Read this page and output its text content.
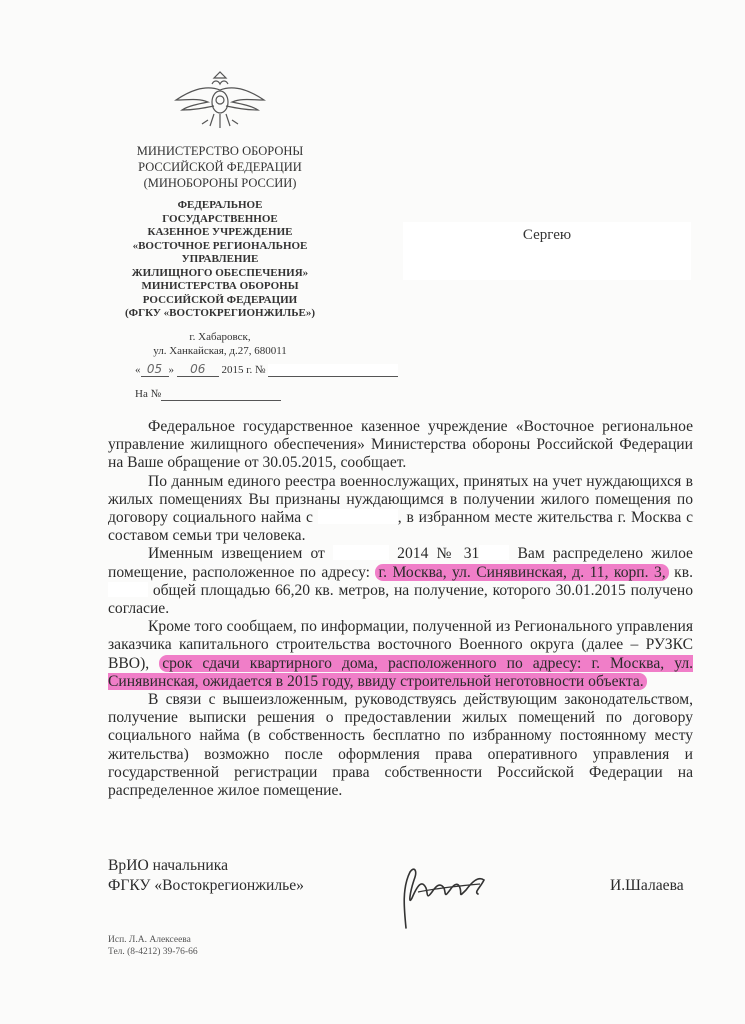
МИНИСТЕРСТВО ОБОРОНЫ
РОССИЙСКОЙ ФЕДЕРАЦИИ
(МИНОБОРОНЫ РОССИИ)
ФЕДЕРАЛЬНОЕ
ГОСУДАРСТВЕННОЕ
КАЗЕННОЕ УЧРЕЖДЕНИЕ
«ВОСТОЧНОЕ РЕГИОНАЛЬНОЕ
УПРАВЛЕНИЕ
ЖИЛИЩНОГО ОБЕСПЕЧЕНИЯ»
МИНИСТЕРСТВА ОБОРОНЫ
РОССИЙСКОЙ ФЕДЕРАЦИИ
(ФГКУ «ВОСТОКРЕГИОНЖИЛЬЕ»)
г. Хабаровск,
ул. Ханкайская, д.27, 680011
« 05 » 06 2015 г. №
На №
Сергею

Федеральное государственное казенное учреждение «Восточное региональное управление жилищного обеспечения» Министерства обороны Российской Федерации на Ваше обращение от 30.05.2015, сообщает.

По данным единого реестра военнослужащих, принятых на учет нуждающихся в жилых помещениях Вы признаны нуждающимся в получении жилого помещения по договору социального найма с	, в избранном месте жительства г. Москва с составом семьи три человека.

Именным извещением от	2014 № 31 Вам распределено жилое помещение, расположенное по адресу: г. Москва, ул. Синявинская, д. 11, корп. 3, кв.  общей площадью 66,20 кв. метров, на получение, которого 30.01.2015 получено согласие.

Кроме того сообщаем, по информации, полученной из Регионального управления заказчика капитального строительства восточного Военного округа (далее – РУЗКС ВВО), срок сдачи квартирного дома, расположенного по адресу: г. Москва, ул. Синявинская, ожидается в 2015 году, ввиду строительной неготовности объекта.

В связи с вышеизложенным, руководствуясь действующим законодательством, получение выписки решения о предоставлении жилых помещений по договору социального найма (в собственность бесплатно по избранному постоянному месту жительства) возможно после оформления права оперативного управления и государственной регистрации права собственности Российской Федерации на распределенное жилое помещение.

ВрИО начальника
ФГКУ «Востокрегионжилье»	И.Шалаева
Исп. Л.А. Алексеева
Тел. (8-4212) 39-76-66
